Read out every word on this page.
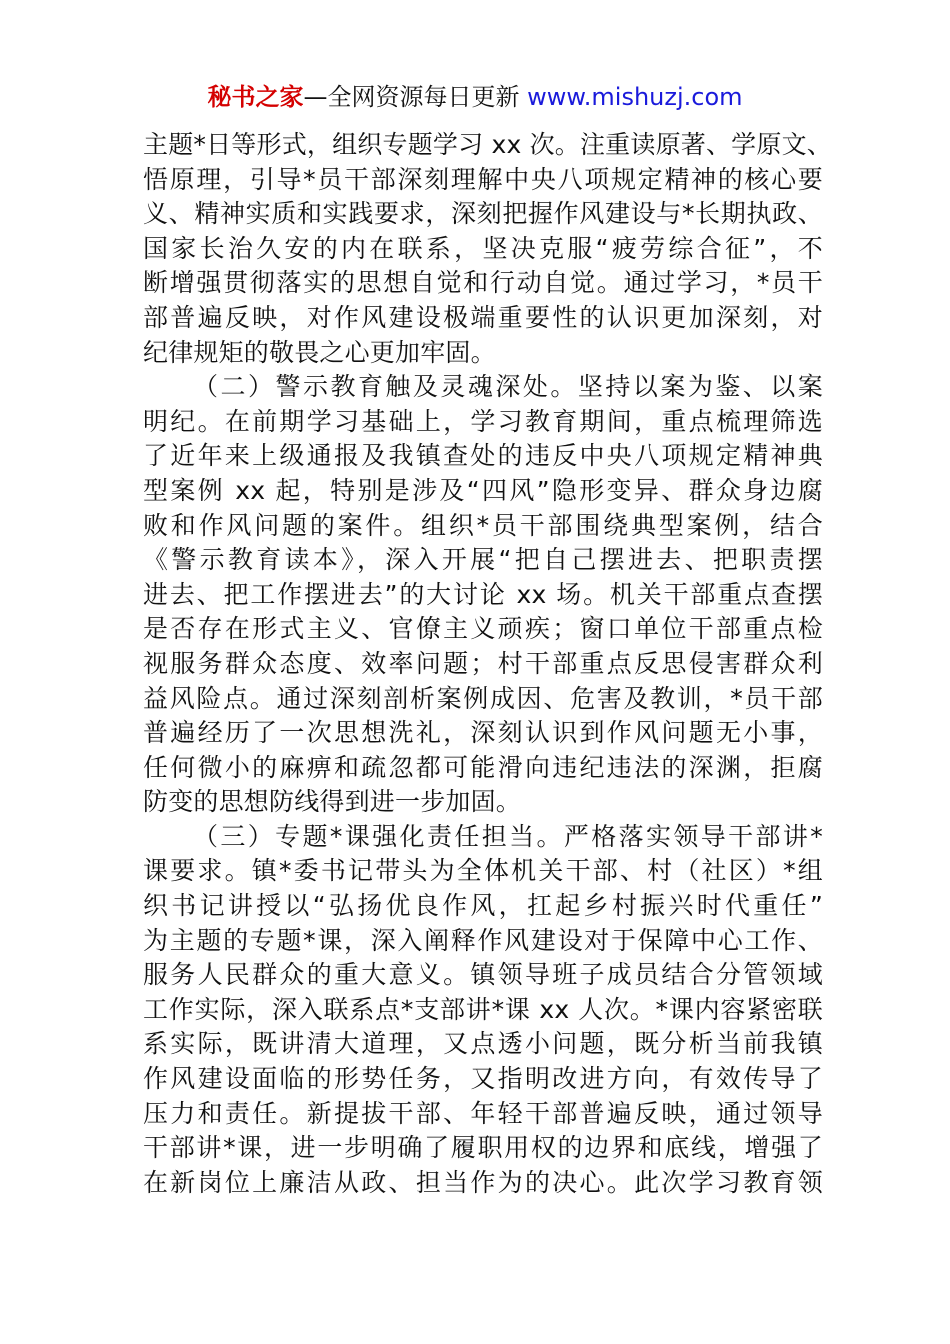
秘书之家—全网资源每日更新 www.mishuzj.com
主题*日等形式，组织专题学习 xx 次。注重读原著、学原文、
悟原理，引导*员干部深刻理解中央八项规定精神的核心要
义、精神实质和实践要求，深刻把握作风建设与*长期执政、
国家长治久安的内在联系，坚决克服“疲劳综合征”，不
断增强贯彻落实的思想自觉和行动自觉。通过学习，*员干
部普遍反映，对作风建设极端重要性的认识更加深刻，对
纪律规矩的敬畏之心更加牢固。
（二）警示教育触及灵魂深处。坚持以案为鉴、以案
明纪。在前期学习基础上，学习教育期间，重点梳理筛选
了近年来上级通报及我镇查处的违反中央八项规定精神典
型案例 xx 起，特别是涉及“四风”隐形变异、群众身边腐
败和作风问题的案件。组织*员干部围绕典型案例，结合
《警示教育读本》，深入开展“把自己摆进去、把职责摆
进去、把工作摆进去”的大讨论 xx 场。机关干部重点查摆
是否存在形式主义、官僚主义顽疾；窗口单位干部重点检
视服务群众态度、效率问题；村干部重点反思侵害群众利
益风险点。通过深刻剖析案例成因、危害及教训，*员干部
普遍经历了一次思想洗礼，深刻认识到作风问题无小事，
任何微小的麻痹和疏忽都可能滑向违纪违法的深渊，拒腐
防变的思想防线得到进一步加固。
（三）专题*课强化责任担当。严格落实领导干部讲*
课要求。镇*委书记带头为全体机关干部、村（社区）*组
织书记讲授以“弘扬优良作风，扛起乡村振兴时代重任”
为主题的专题*课，深入阐释作风建设对于保障中心工作、
服务人民群众的重大意义。镇领导班子成员结合分管领域
工作实际，深入联系点*支部讲*课 xx 人次。*课内容紧密联
系实际，既讲清大道理，又点透小问题，既分析当前我镇
作风建设面临的形势任务，又指明改进方向，有效传导了
压力和责任。新提拔干部、年轻干部普遍反映，通过领导
干部讲*课，进一步明确了履职用权的边界和底线，增强了
在新岗位上廉洁从政、担当作为的决心。此次学习教育领
